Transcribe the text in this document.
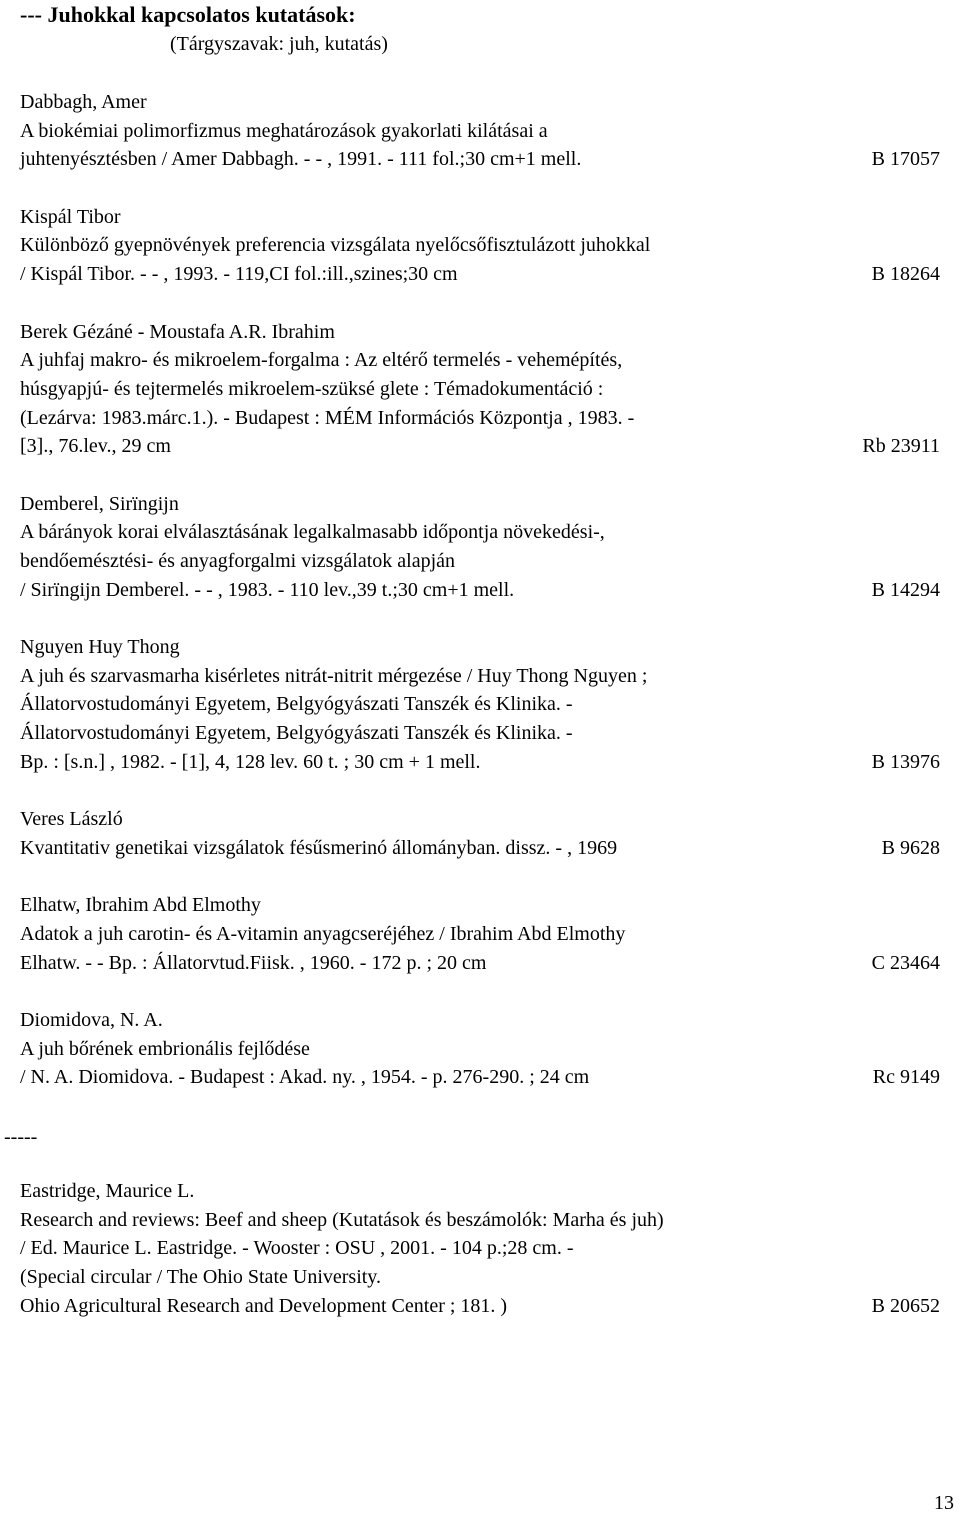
--- Juhokkal kapcsolatos kutatások:
(Tárgyszavak: juh, kutatás)
Dabbagh, Amer
A biokémiai polimorfizmus meghatározások gyakorlati kilátásai a
juhtenyésztésben / Amer Dabbagh. - - , 1991. - 111 fol.;30 cm+1 mell.	B 17057
Kispál Tibor
Különböző gyepnövények preferencia vizsgálata nyelőcsőfisztulázott juhokkal
/ Kispál Tibor. - - , 1993. - 119,CI fol.:ill.,szines;30 cm	B 18264
Berek Gézáné - Moustafa A.R. Ibrahim
A juhfaj makro- és mikroelem-forgalma : Az eltérő termelés - vehemépítés,
húsgyapjú- és tejtermelés mikroelem-szüksé glete : Témadokumentáció :
(Lezárva: 1983.márc.1.). - Budapest : MÉM Információs Központja , 1983. -
[3]., 76.lev., 29 cm	Rb 23911
Demberel, Sirïngijn
A bárányok korai elválasztásának legalkalmasabb időpontja növekedési-,
bendőemésztési- és anyagforgalmi vizsgálatok alapján
/ Sirïngijn Demberel. - - , 1983. - 110 lev.,39 t.;30 cm+1 mell.	B 14294
Nguyen Huy Thong
A juh és szarvasmarha kisérletes nitrát-nitrit mérgezése / Huy Thong Nguyen ;
Állatorvostudományi Egyetem, Belgyógyászati Tanszék és Klinika. -
Állatorvostudományi Egyetem, Belgyógyászati Tanszék és Klinika. -
Bp. : [s.n.] , 1982. - [1], 4, 128 lev. 60 t. ; 30 cm + 1 mell.	B 13976
Veres László
Kvantitativ genetikai vizsgálatok fésűsmerinó állományban. dissz. - , 1969	B 9628
Elhatw, Ibrahim Abd Elmothy
Adatok a juh carotin- és A-vitamin anyagcseréjéhez / Ibrahim Abd Elmothy
Elhatw. - - Bp. : Állatorvtud.Fiisk. , 1960. - 172 p. ; 20 cm	C 23464
Diomidova, N. A.
A juh bőrének embrionális fejlődése
/ N. A. Diomidova. - Budapest : Akad. ny. , 1954. - p. 276-290. ; 24 cm	Rc 9149
-----
Eastridge, Maurice L.
Research and reviews: Beef and sheep (Kutatások és beszámolók: Marha és juh)
/ Ed. Maurice L. Eastridge. - Wooster : OSU , 2001. - 104 p.;28 cm. -
(Special circular / The Ohio State University.
Ohio Agricultural Research and Development Center ; 181. )	B 20652
13
